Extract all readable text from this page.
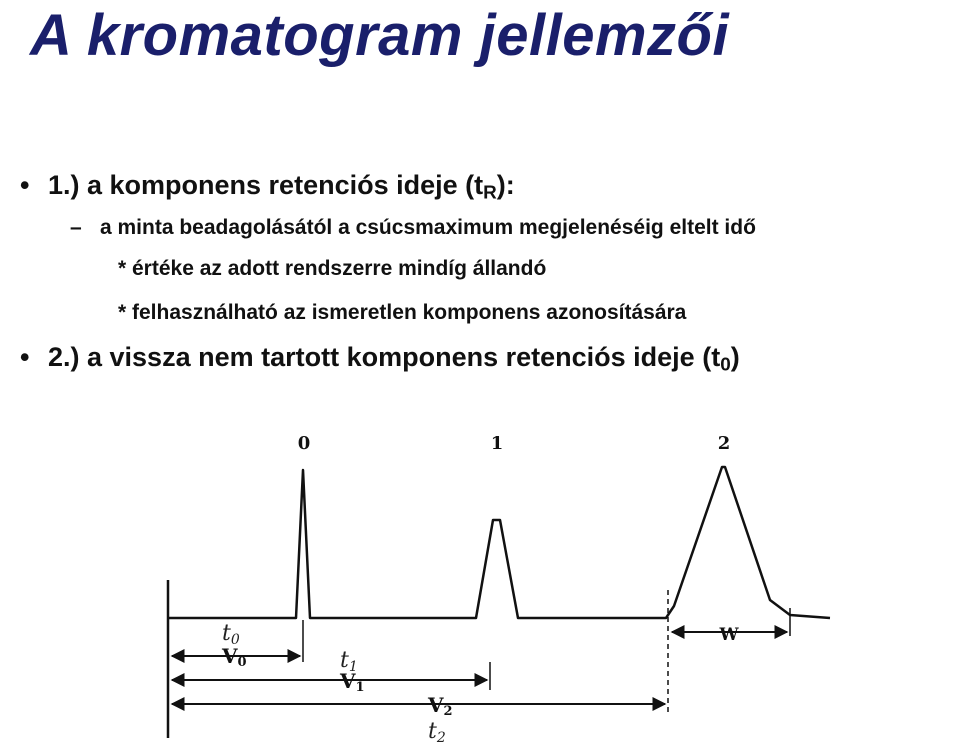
A kromatogram jellemzői
• 1.) a komponens retenciós ideje $(t_R)$:
– a minta beadagolásától a csúcsmaximum megjelenéséig eltelt idő
* értéke az adott rendszerre mindíg állandó
* felhasználható az ismeretlen komponens azonosítására
• 2.) a vissza nem tartott komponens retenciós ideje $(t_0)$
0	1	2
W
t0
t1
t2
V0
V1
V2
